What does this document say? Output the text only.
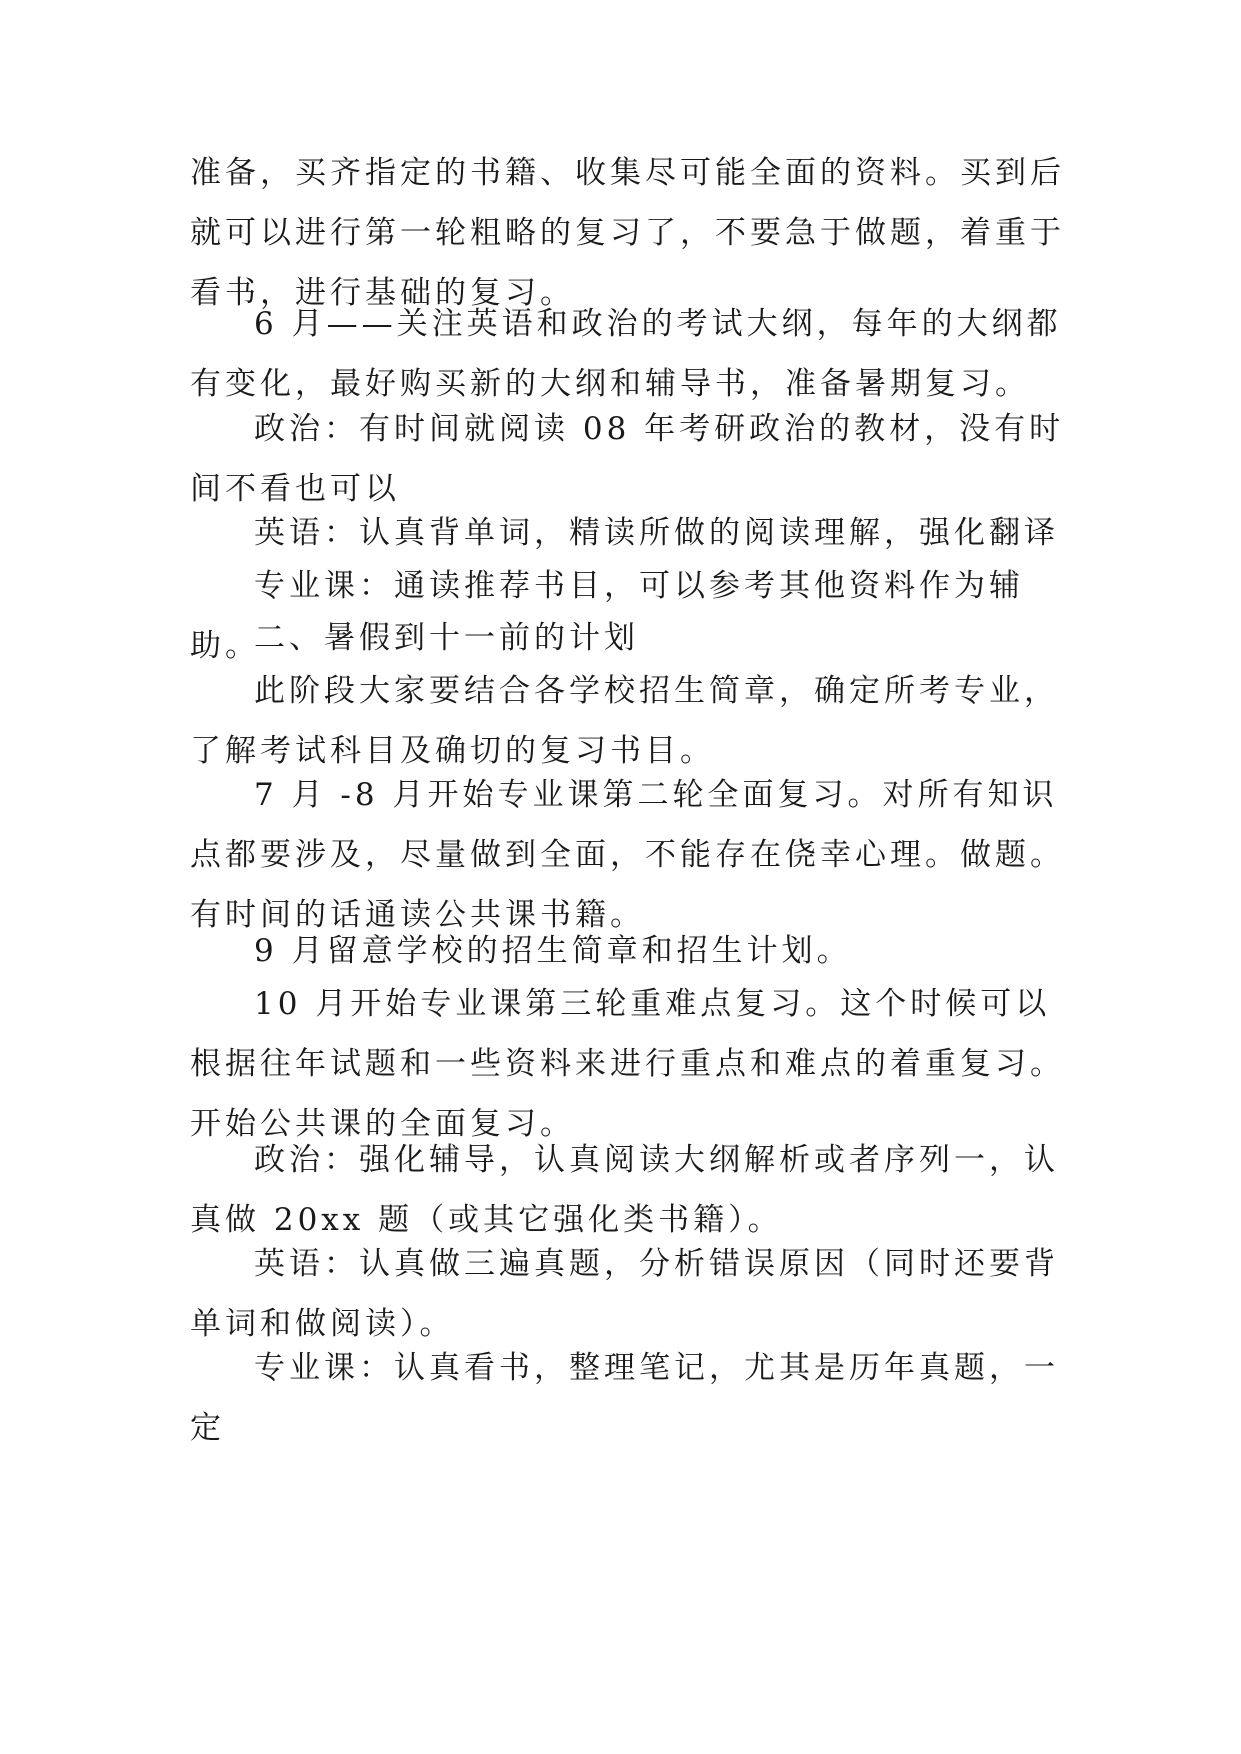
准备，买齐指定的书籍、收集尽可能全面的资料。买到后就可以进行第一轮粗略的复习了，不要急于做题，着重于看书，进行基础的复习。

6 月——关注英语和政治的考试大纲，每年的大纲都有变化，最好购买新的大纲和辅导书，准备暑期复习。

政治：有时间就阅读 08 年考研政治的教材，没有时间不看也可以

英语：认真背单词，精读所做的阅读理解，强化翻译

专业课：通读推荐书目，可以参考其他资料作为辅助。

二、暑假到十一前的计划

此阶段大家要结合各学校招生简章，确定所考专业，了解考试科目及确切的复习书目。

7 月 -8 月开始专业课第二轮全面复习。对所有知识点都要涉及，尽量做到全面，不能存在侥幸心理。做题。有时间的话通读公共课书籍。

9 月留意学校的招生简章和招生计划。

10 月开始专业课第三轮重难点复习。这个时候可以根据往年试题和一些资料来进行重点和难点的着重复习。开始公共课的全面复习。

政治：强化辅导，认真阅读大纲解析或者序列一，认真做 20xx 题（或其它强化类书籍）。

英语：认真做三遍真题，分析错误原因（同时还要背单词和做阅读）。

专业课：认真看书，整理笔记，尤其是历年真题，一定
